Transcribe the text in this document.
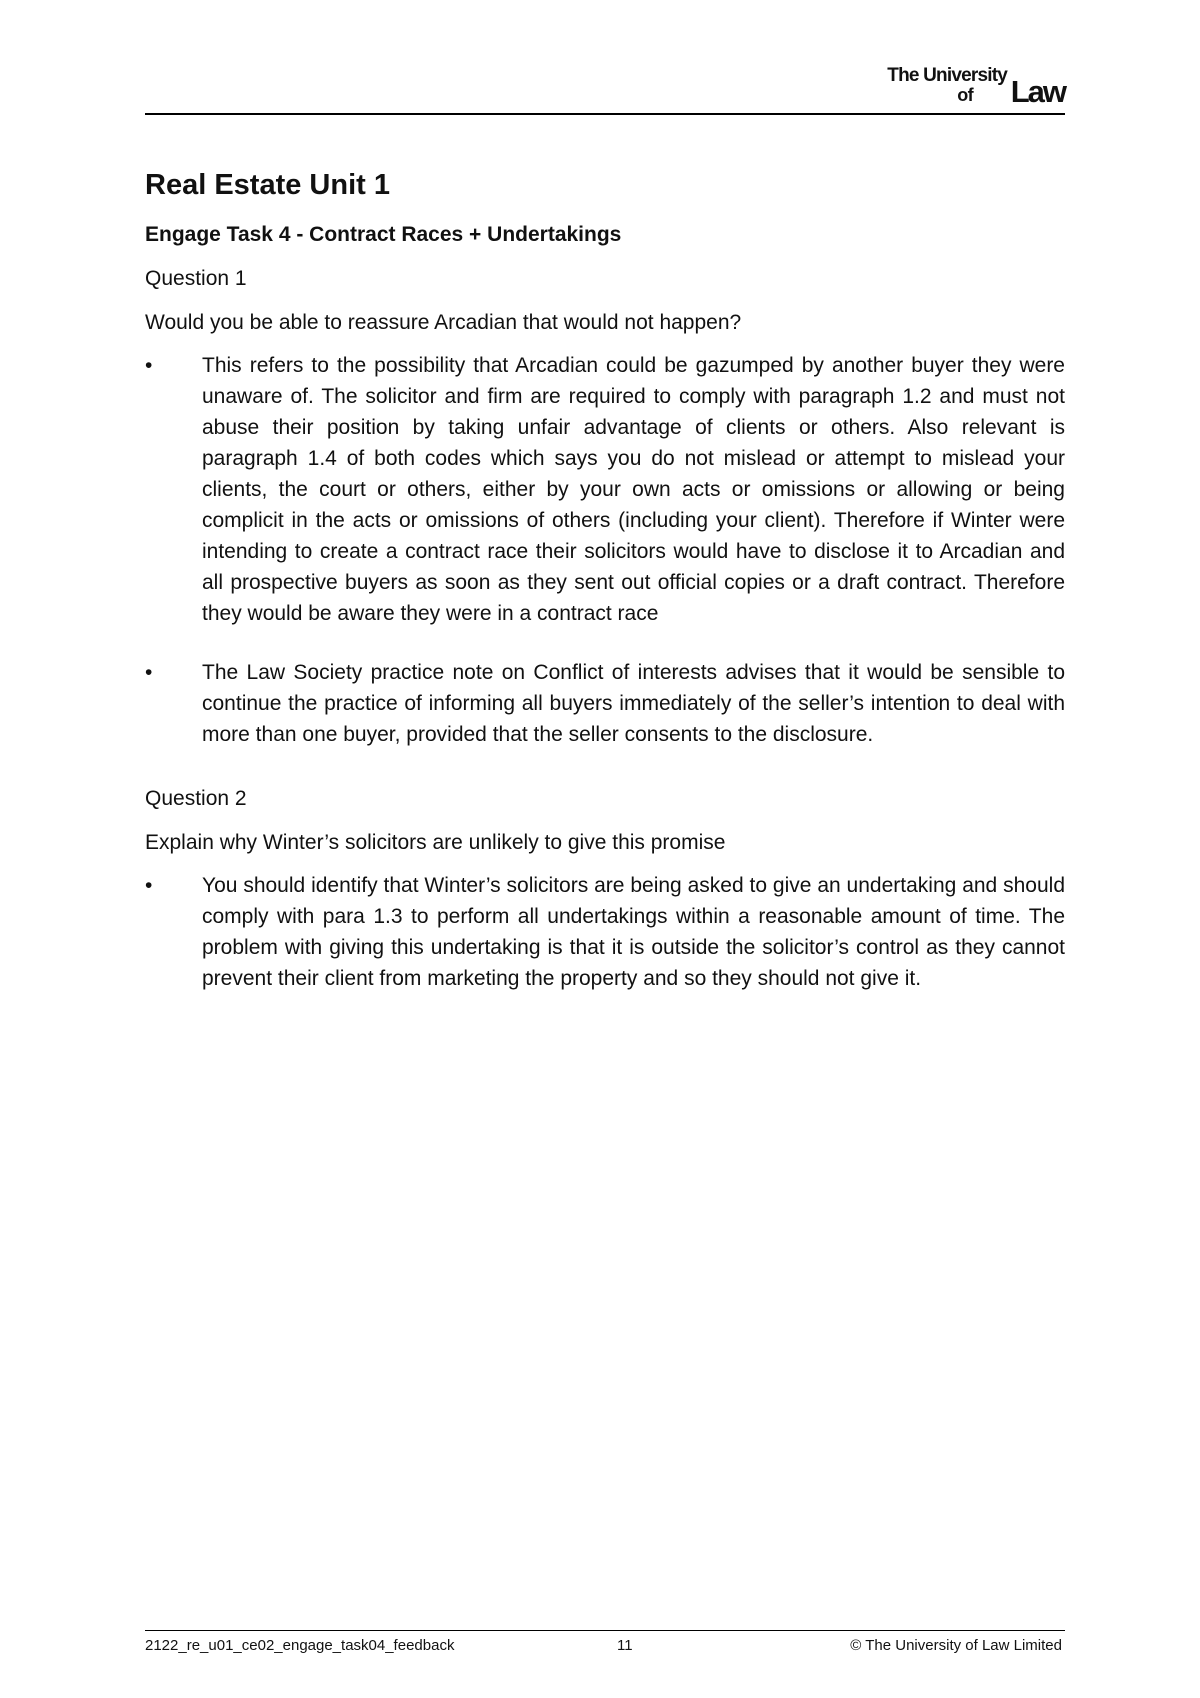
The University
of Law
Real Estate Unit 1
Engage Task 4 - Contract Races + Undertakings

Question 1

Would you be able to reassure Arcadian that would not happen?

•	This refers to the possibility that Arcadian could be gazumped by another buyer they were unaware of. The solicitor and firm are required to comply with paragraph 1.2 and must not abuse their position by taking unfair advantage of clients or others. Also relevant is paragraph 1.4 of both codes which says you do not mislead or attempt to mislead your clients, the court or others, either by your own acts or omissions or allowing or being complicit in the acts or omissions of others (including your client). Therefore if Winter were intending to create a contract race their solicitors would have to disclose it to Arcadian and all prospective buyers as soon as they sent out official copies or a draft contract. Therefore they would be aware they were in a contract race
•	The Law Society practice note on Conflict of interests advises that it would be sensible to continue the practice of informing all buyers immediately of the seller’s intention to deal with more than one buyer, provided that the seller consents to the disclosure.

Question 2

Explain why Winter’s solicitors are unlikely to give this promise

•	You should identify that Winter’s solicitors are being asked to give an undertaking and should comply with para 1.3 to perform all undertakings within a reasonable amount of time. The problem with giving this undertaking is that it is outside the solicitor’s control as they cannot prevent their client from marketing the property and so they should not give it.
2122_re_u01_ce02_engage_task04_feedback	11	© The University of Law Limited
